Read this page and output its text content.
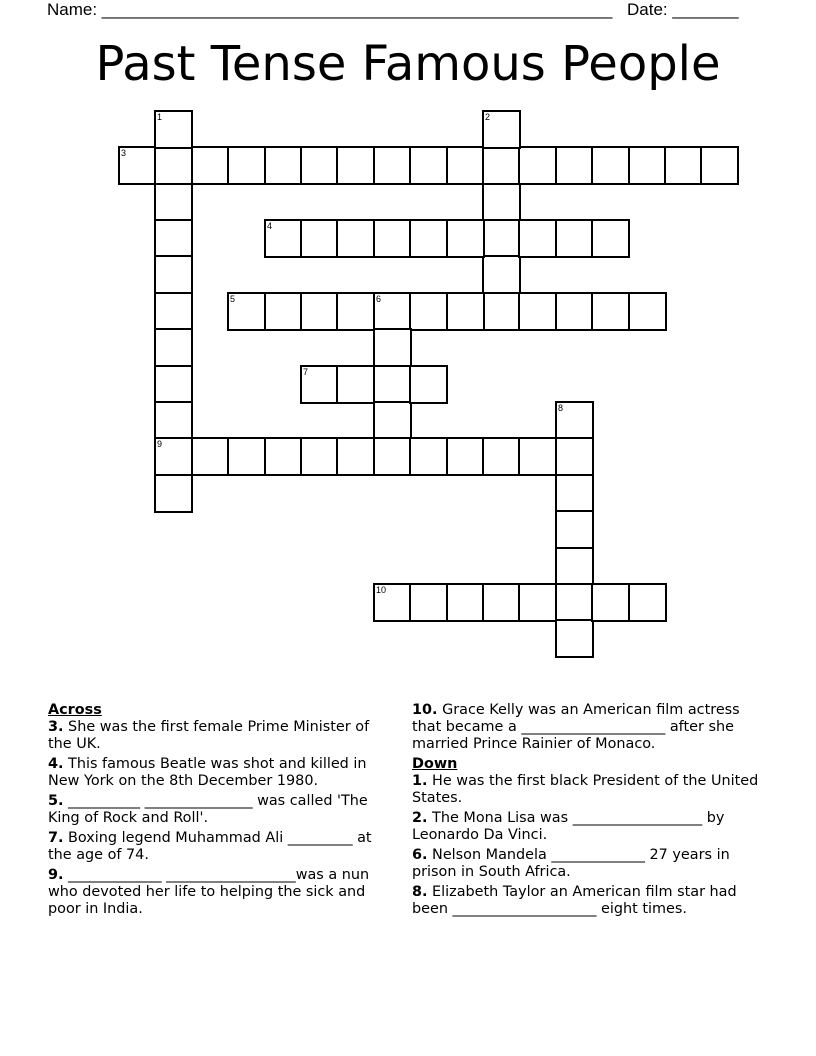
Name: ______________________________________________________ Date: _______
Past Tense Famous People
3
1
9
2
4
5	6
7
8
10

Across

3. She was the first female Prime Minister of the UK.

4. This famous Beatle was shot and killed in New York on the 8th December 1980.

5. __________ _______________ was called 'The King of Rock and Roll'.

7. Boxing legend Muhammad Ali _________ at the age of 74.

9. _____________ __________________was a nun who devoted her life to helping the sick and poor in India.

10. Grace Kelly was an American film actress that became a ____________________ after she married Prince Rainier of Monaco.

Down

1. He was the first black President of the United States.

2. The Mona Lisa was __________________ by Leonardo Da Vinci.

6. Nelson Mandela _____________ 27 years in prison in South Africa.

8. Elizabeth Taylor an American film star had been ____________________ eight times.
